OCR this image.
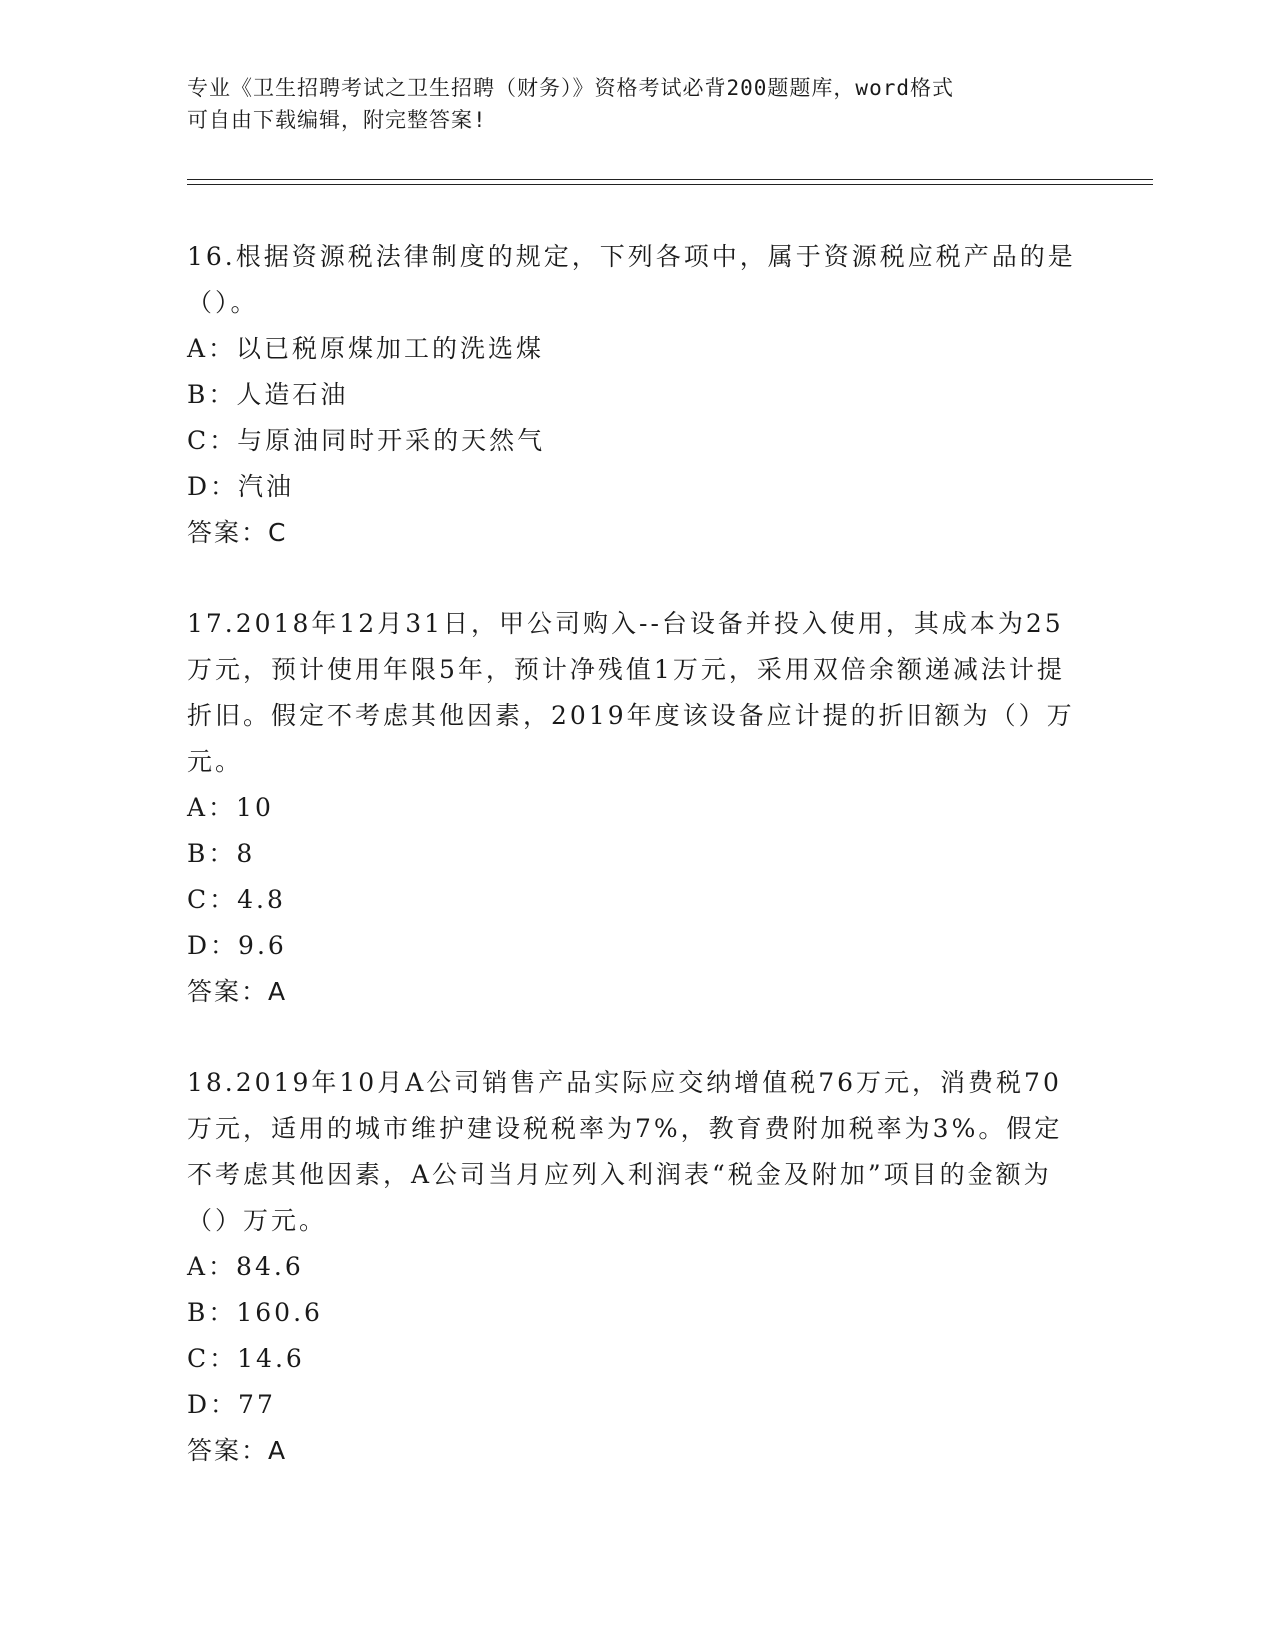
专业《卫生招聘考试之卫生招聘（财务）》资格考试必背200题题库，word格式
可自由下载编辑，附完整答案!

16.根据资源税法律制度的规定，下列各项中，属于资源税应税产品的是（）。

A：以已税原煤加工的洗选煤

B：人造石油

C：与原油同时开采的天然气

D：汽油

答案：C

17.2018年12月31日，甲公司购入--台设备并投入使用，其成本为25万元，预计使用年限5年，预计净残值1万元，采用双倍余额递减法计提折旧。假定不考虑其他因素，2019年度该设备应计提的折旧额为（）万元。

A：10

B：8

C：4.8

D：9.6

答案：A

18.2019年10月A公司销售产品实际应交纳增值税76万元，消费税70万元，适用的城市维护建设税税率为7%，教育费附加税率为3%。假定不考虑其他因素，A公司当月应列入利润表“税金及附加”项目的金额为（）万元。

A：84.6

B：160.6

C：14.6

D：77

答案：A
